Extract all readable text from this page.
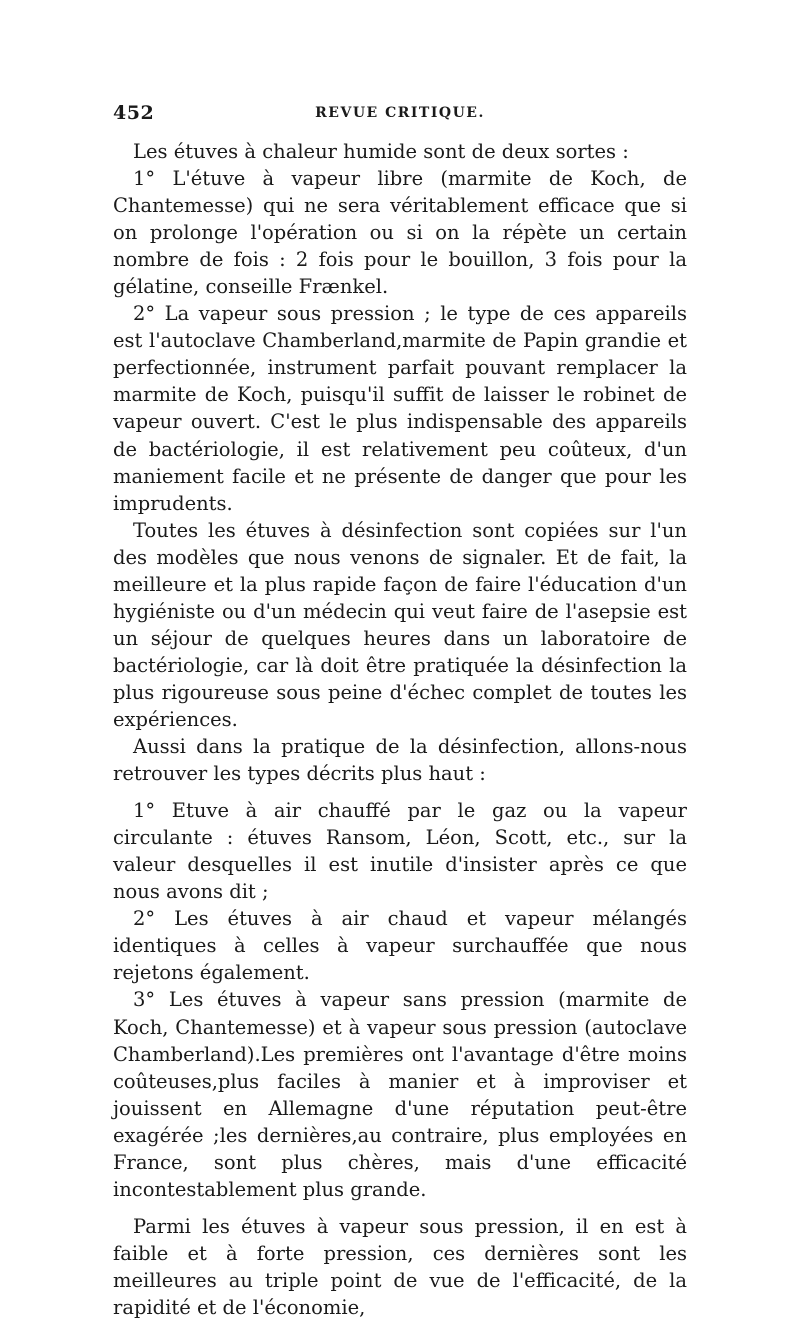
452	REVUE CRITIQUE.

Les étuves à chaleur humide sont de deux sortes :

1° L'étuve à vapeur libre (marmite de Koch, de Chantemesse) qui ne sera véritablement efficace que si on prolonge l'opération ou si on la répète un certain nombre de fois : 2 fois pour le bouillon, 3 fois pour la gélatine, conseille Frænkel.

2° La vapeur sous pression ; le type de ces appareils est l'autoclave Chamberland,marmite de Papin grandie et perfectionnée, instrument parfait pouvant remplacer la marmite de Koch, puisqu'il suffit de laisser le robinet de vapeur ouvert. C'est le plus indispensable des appareils de bactériologie, il est relativement peu coûteux, d'un maniement facile et ne présente de danger que pour les imprudents.

Toutes les étuves à désinfection sont copiées sur l'un des modèles que nous venons de signaler. Et de fait, la meilleure et la plus rapide façon de faire l'éducation d'un hygiéniste ou d'un médecin qui veut faire de l'asepsie est un séjour de quelques heures dans un laboratoire de bactériologie, car là doit être pratiquée la désinfection la plus rigoureuse sous peine d'échec complet de toutes les expériences.

Aussi dans la pratique de la désinfection, allons-nous retrouver les types décrits plus haut :

1° Etuve à air chauffé par le gaz ou la vapeur circulante : étuves Ransom, Léon, Scott, etc., sur la valeur desquelles il est inutile d'insister après ce que nous avons dit ;

2° Les étuves à air chaud et vapeur mélangés identiques à celles à vapeur surchauffée que nous rejetons également.

3° Les étuves à vapeur sans pression (marmite de Koch, Chantemesse) et à vapeur sous pression (autoclave Chamberland).Les premières ont l'avantage d'être moins coûteuses,plus faciles à manier et à improviser et jouissent en Allemagne d'une réputation peut-être exagérée ;les dernières,au contraire, plus employées en France, sont plus chères, mais d'une efficacité incontestablement plus grande.

Parmi les étuves à vapeur sous pression, il en est à faible et à forte pression, ces dernières sont les meilleures au triple point de vue de l'efficacité, de la rapidité et de l'économie,
